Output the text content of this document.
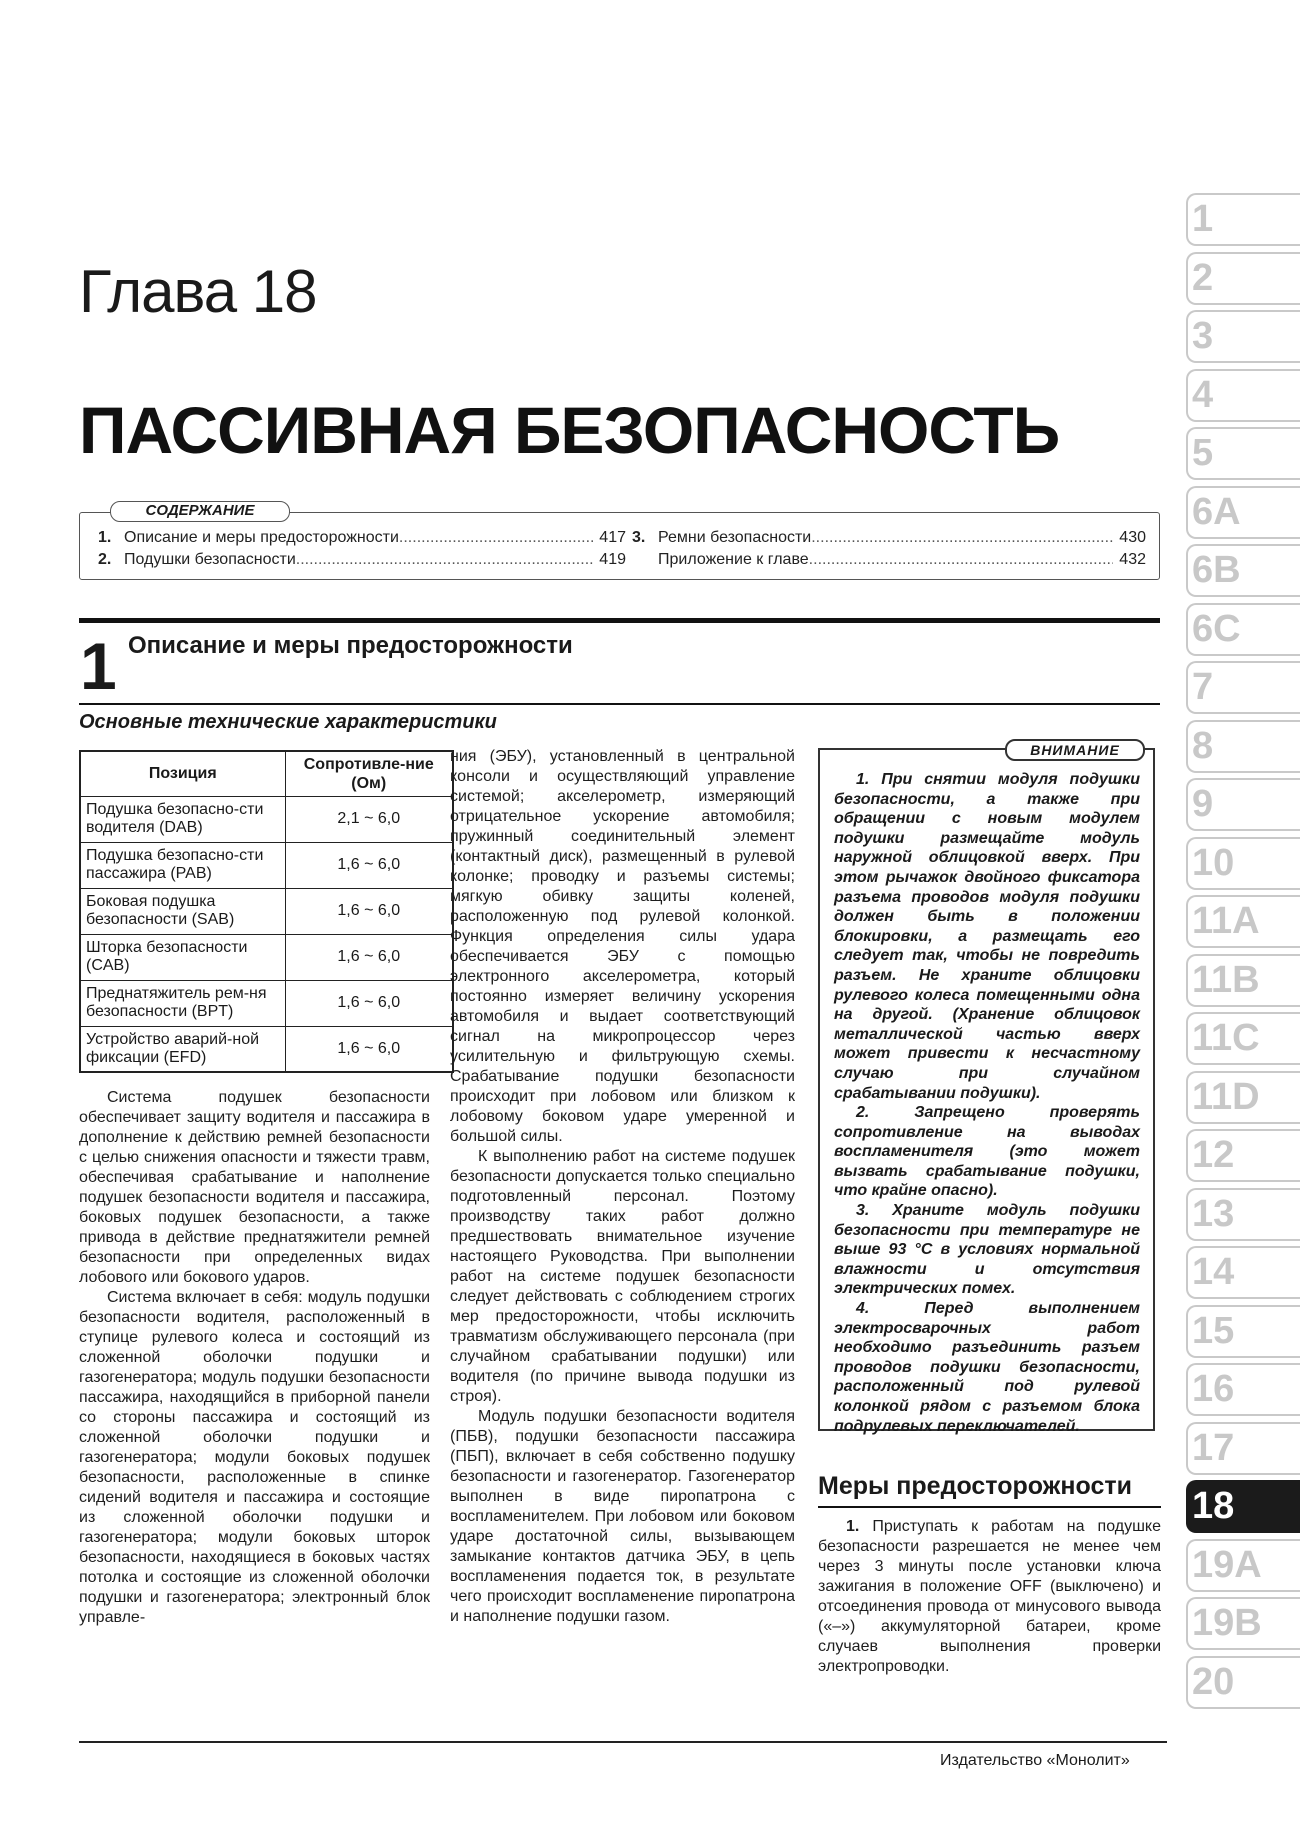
Глава 18
ПАССИВНАЯ БЕЗОПАСНОСТЬ
СОДЕРЖАНИЕ
1. Описание и меры предосторожности .....	417
2. Подушки безопасности .....	419
3. Ремни безопасности .....	430
Приложение к главе .....	432
1 Описание и меры предосторожности
Основные технические характеристики
Позиция	Сопротивле-ние (Ом)
Подушка безопасно-сти водителя (DAB)	2,1 ~ 6,0
Подушка безопасно-сти пассажира (PAB)	1,6 ~ 6,0
Боковая подушка безопасности (SAB)	1,6 ~ 6,0
Шторка безопасности (CAB)	1,6 ~ 6,0
Преднатяжитель рем-ня безопасности (BPT)	1,6 ~ 6,0
Устройство аварий-ной фиксации (EFD)	1,6 ~ 6,0

Система подушек безопасности обеспечивает защиту водителя и пассажира в дополнение к действию ремней безопасности с целью снижения опасности и тяжести травм, обеспечивая срабатывание и наполнение подушек безопасности водителя и пассажира, боковых подушек безопасности, а также привода в действие преднатяжители ремней безопасности при определенных видах лобового или бокового ударов.

Система включает в себя: модуль подушки безопасности водителя, расположенный в ступице рулевого колеса и состоящий из сложенной оболочки подушки и газогенератора; модуль подушки безопасности пассажира, находящийся в приборной панели со стороны пассажира и состоящий из сложенной оболочки подушки и газогенератора; модули боковых подушек безопасности, расположенные в спинке сидений водителя и пассажира и состоящие из сложенной оболочки подушки и газогенератора; модули боковых шторок безопасности, находящиеся в боковых частях потолка и состоящие из сложенной оболочки подушки и газогенератора; электронный блок управле-

ния (ЭБУ), установленный в центральной консоли и осуществляющий управление системой; акселерометр, измеряющий отрицательное ускорение автомобиля; пружинный соединительный элемент (контактный диск), размещенный в рулевой колонке; проводку и разъемы системы; мягкую обивку защиты коленей, расположенную под рулевой колонкой. Функция определения силы удара обеспечивается ЭБУ с помощью электронного акселерометра, который постоянно измеряет величину ускорения автомобиля и выдает соответствующий сигнал на микропроцессор через усилительную и фильтрующую схемы. Срабатывание подушки безопасности происходит при лобовом или близком к лобовому боковом ударе умеренной и большой силы.

К выполнению работ на системе подушек безопасности допускается только специально подготовленный персонал. Поэтому производству таких работ должно предшествовать внимательное изучение настоящего Руководства. При выполнении работ на системе подушек безопасности следует действовать с соблюдением строгих мер предосторожности, чтобы исключить травматизм обслуживающего персонала (при случайном срабатывании подушки) или водителя (по причине вывода подушки из строя).

Модуль подушки безопасности водителя (ПБВ), подушки безопасности пассажира (ПБП), включает в себя собственно подушку безопасности и газогенератор. Газогенератор выполнен в виде пиропатрона с воспламенителем. При лобовом или боковом ударе достаточной силы, вызывающем замыкание контактов датчика ЭБУ, в цепь воспламенения подается ток, в результате чего происходит воспламенение пиропатрона и наполнение подушки газом.

ВНИМАНИЕ

1. При снятии модуля подушки безопасности, а также при обращении с новым модулем подушки размещайте модуль наружной облицовкой вверх. При этом рычажок двойного фиксатора разъема проводов модуля подушки должен быть в положении блокировки, а размещать его следует так, чтобы не повредить разъем. Не храните облицовки рулевого колеса помещенными одна на другой. (Хранение облицовок металлической частью вверх может привести к несчастному случаю при случайном срабатывании подушки).

2. Запрещено проверять сопротивление на выводах воспламенителя (это может вызвать срабатывание подушки, что крайне опасно).

3. Храните модуль подушки безопасности при температуре не выше 93 °C в условиях нормальной влажности и отсутствия электрических помех.

4. Перед выполнением электросварочных работ необходимо разъединить разъем проводов подушки безопасности, расположенный под рулевой колонкой рядом с разъемом блока подрулевых переключателей.

Меры предосторожности

1. Приступать к работам на подушке безопасности разрешается не менее чем через 3 минуты после установки ключа зажигания в положение OFF (выключено) и отсоединения провода от минусового вывода («–») аккумуляторной батареи, кроме случаев выполнения проверки электропроводки.

Издательство «Монолит»
1
2
3
4
5
6A
6B
6C
7
8
9
10
11A
11B
11C
11D
12
13
14
15
16
17
18
19A
19B
20
